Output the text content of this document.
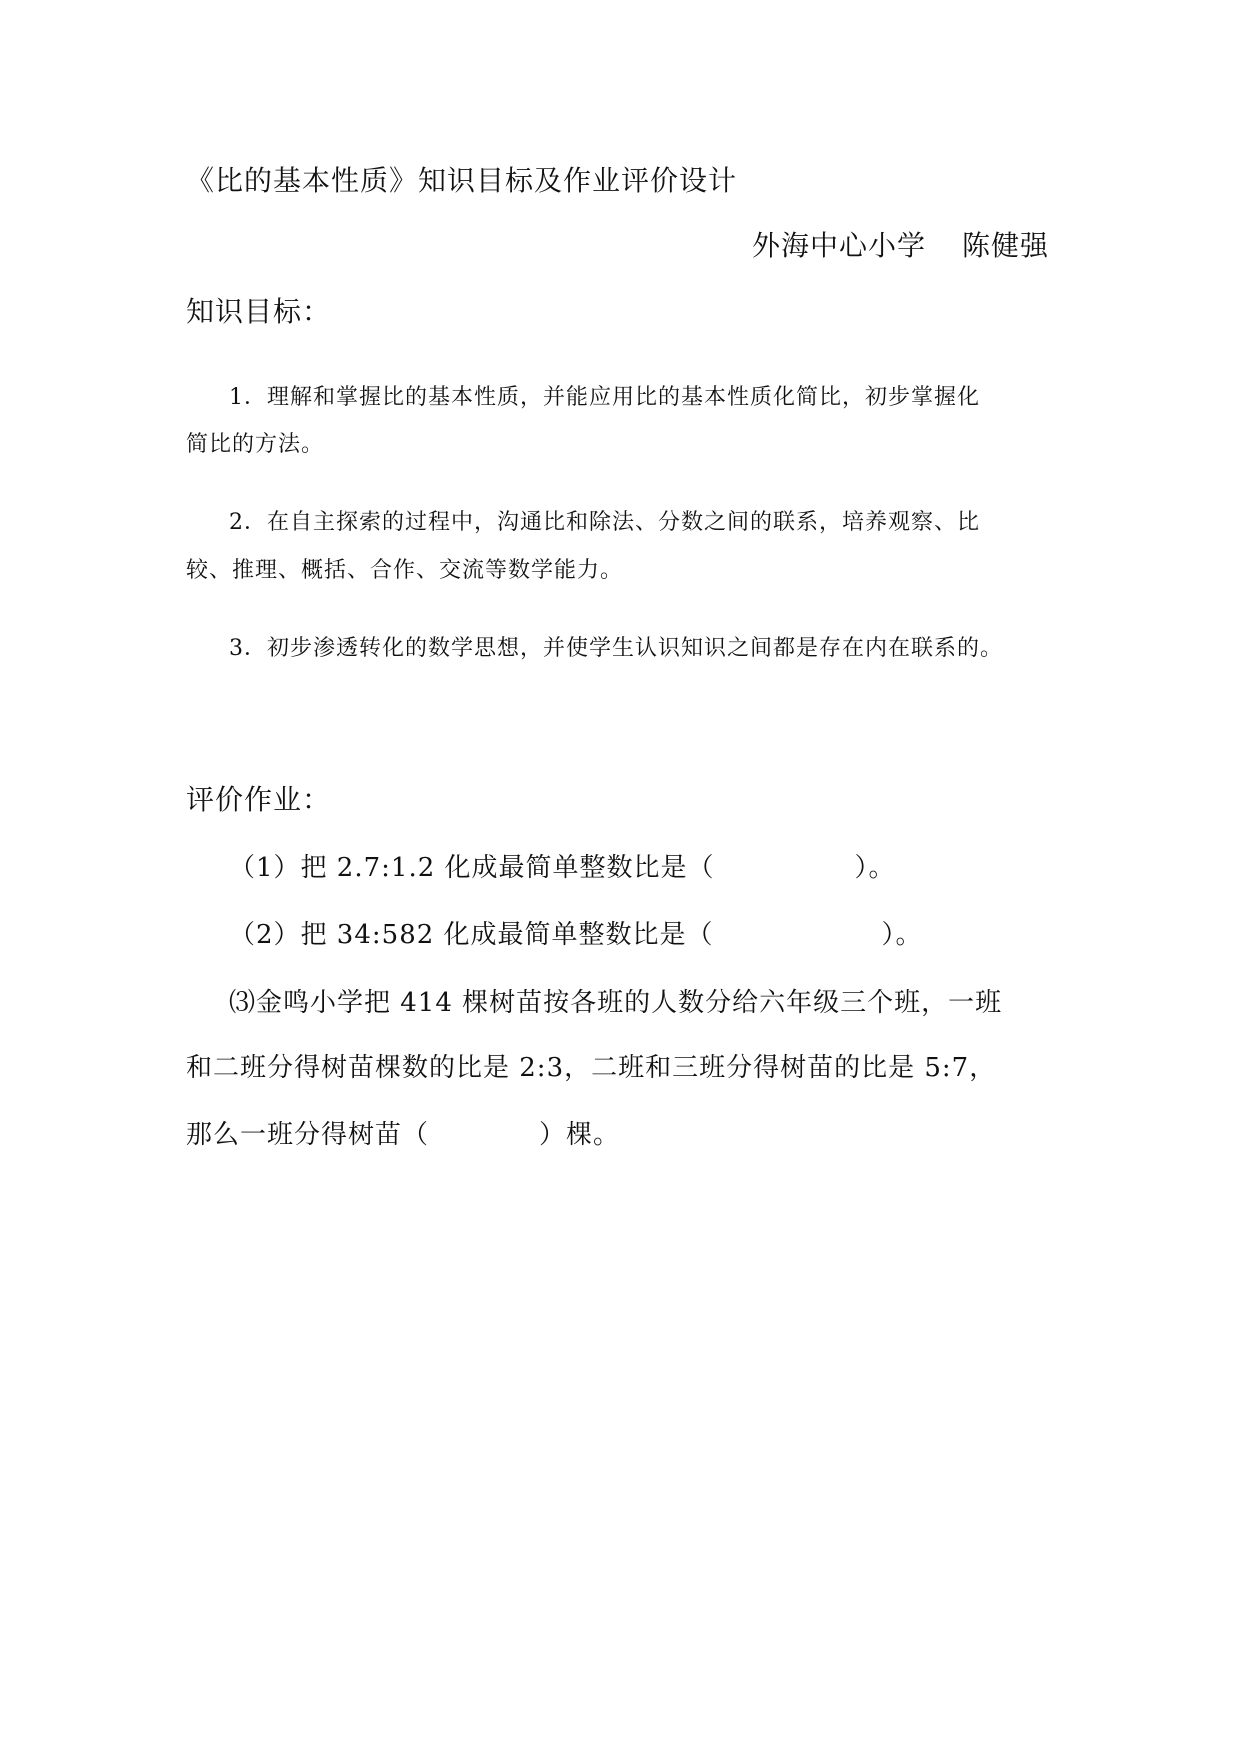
《比的基本性质》知识目标及作业评价设计
外海中心小学 陈健强
知识目标：
1．理解和掌握比的基本性质，并能应用比的基本性质化简比，初步掌握化
简比的方法。
2．在自主探索的过程中，沟通比和除法、分数之间的联系，培养观察、比
较、推理、概括、合作、交流等数学能力。
3．初步渗透转化的数学思想，并使学生认识知识之间都是存在内在联系的。
评价作业：
（1）把 2.7:1.2 化成最简单整数比是（	）。
（2）把 34:582 化成最简单整数比是（	）。
⑶金鸣小学把 414 棵树苗按各班的人数分给六年级三个班，一班
和二班分得树苗棵数的比是 2:3，二班和三班分得树苗的比是 5:7，
那么一班分得树苗（	）棵。
